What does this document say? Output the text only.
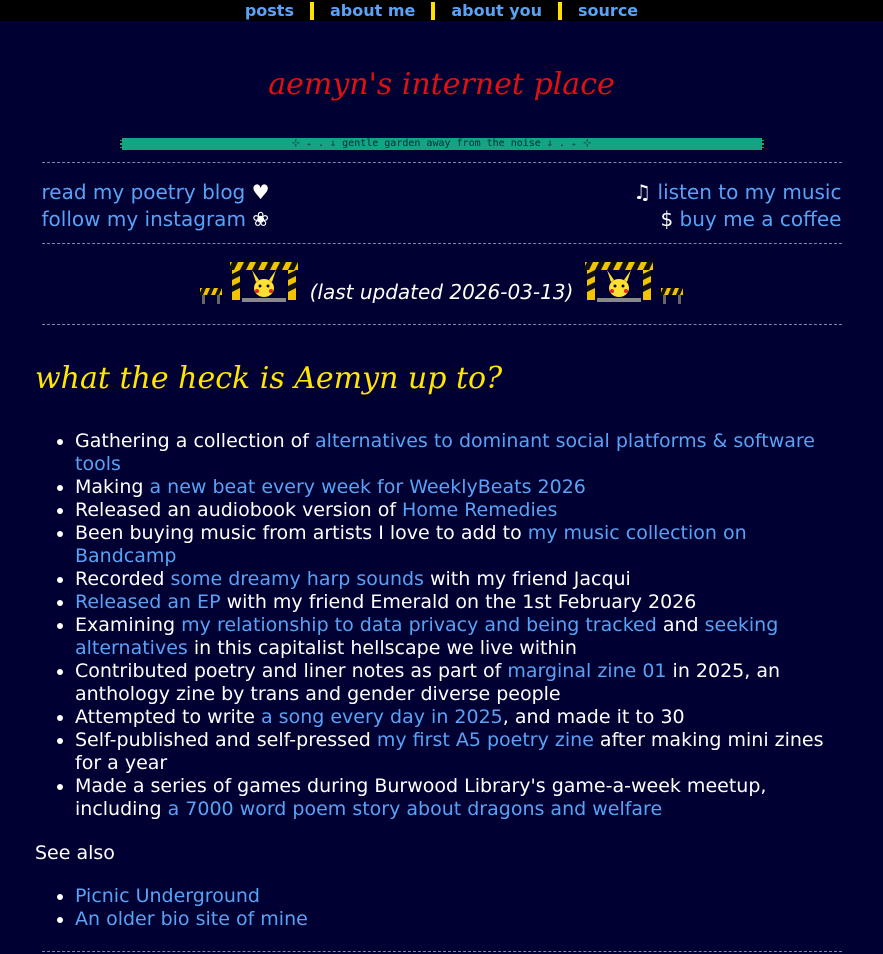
posts	about me	about you	source
aemyn's internet place
⊹ ₊ . ⇓ gentle garden away from the noise ⇓ . ₊ ⊹
read my poetry blog ♥
follow my instagram ❀
♫ listen to my music
$ buy me a coffee
(last updated 2026-03-13)
what the heck is Aemyn up to?
• Gathering a collection of alternatives to dominant social platforms & software tools
• Making a new beat every week for WeeklyBeats 2026
• Released an audiobook version of Home Remedies
• Been buying music from artists I love to add to my music collection on Bandcamp
• Recorded some dreamy harp sounds with my friend Jacqui
• Released an EP with my friend Emerald on the 1st February 2026
• Examining my relationship to data privacy and being tracked and seeking alternatives in this capitalist hellscape we live within
• Contributed poetry and liner notes as part of marginal zine 01 in 2025, an anthology zine by trans and gender diverse people
• Attempted to write a song every day in 2025, and made it to 30
• Self-published and self-pressed my first A5 poetry zine after making mini zines for a year
• Made a series of games during Burwood Library's game-a-week meetup, including a 7000 word poem story about dragons and welfare
See also
• Picnic Underground
• An older bio site of mine
